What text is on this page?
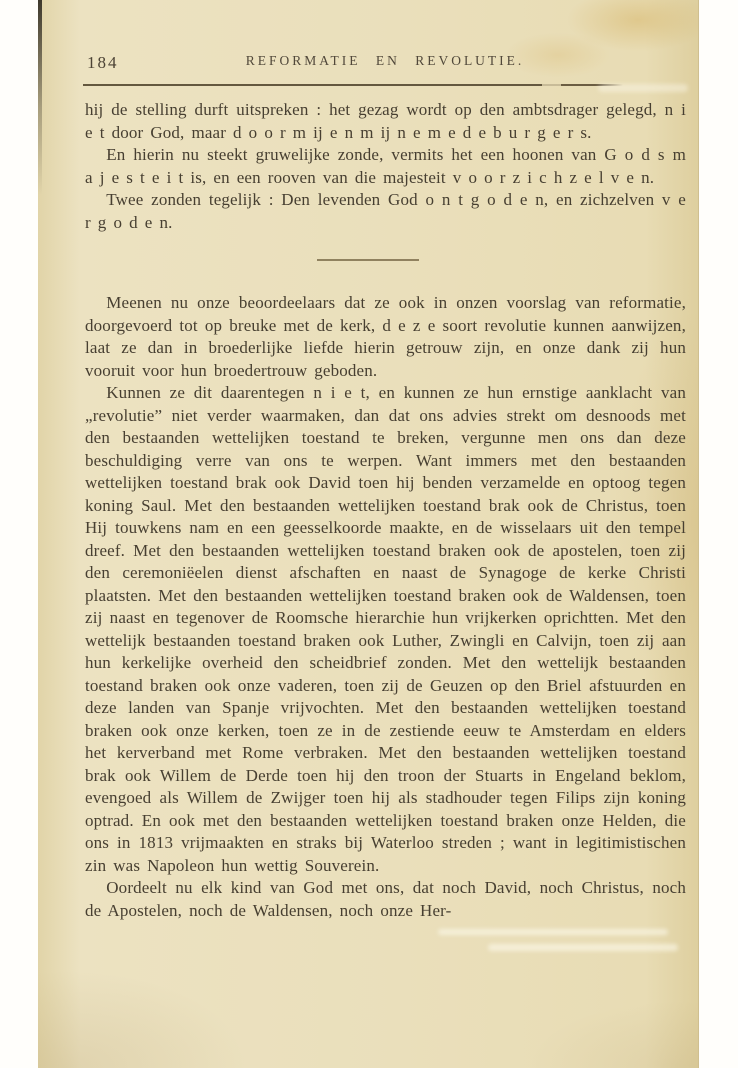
184	REFORMATIE EN REVOLUTIE.

hij de stelling durft uitspreken : het gezag wordt op den ambtsdrager gelegd, n i e t door God, maar d o o r m ij e n m ij n e m e d e b u r g e r s.

En hierin nu steekt gruwelijke zonde, vermits het een hoonen van G o d s m a j e s t e i t is, en een rooven van die majesteit v o o r z i c h z e l v e n.

Twee zonden tegelijk : Den levenden God o n t g o d e n, en zichzelven v e r g o d e n.

Meenen nu onze beoordeelaars dat ze ook in onzen voorslag van reformatie, doorgevoerd tot op breuke met de kerk, d e z e soort revolutie kunnen aanwijzen, laat ze dan in broederlijke liefde hierin getrouw zijn, en onze dank zij hun vooruit voor hun broedertrouw geboden.

Kunnen ze dit daarentegen n i e t, en kunnen ze hun ernstige aanklacht van „revolutie” niet verder waarmaken, dan dat ons advies strekt om desnoods met den bestaanden wettelijken toestand te breken, vergunne men ons dan deze beschuldiging verre van ons te werpen. Want immers met den bestaanden wettelijken toestand brak ook David toen hij benden verzamelde en optoog tegen koning Saul. Met den bestaanden wettelijken toestand brak ook de Christus, toen Hij touwkens nam en een geesselkoorde maakte, en de wisselaars uit den tempel dreef. Met den bestaanden wettelijken toestand braken ook de apostelen, toen zij den ceremoniëelen dienst afschaften en naast de Synagoge de kerke Christi plaatsten. Met den bestaanden wettelijken toestand braken ook de Waldensen, toen zij naast en tegenover de Roomsche hierarchie hun vrijkerken oprichtten. Met den wettelijk bestaanden toestand braken ook Luther, Zwingli en Calvijn, toen zij aan hun kerkelijke overheid den scheidbrief zonden. Met den wettelijk bestaanden toestand braken ook onze vaderen, toen zij de Geuzen op den Briel afstuurden en deze landen van Spanje vrijvochten. Met den bestaanden wettelijken toestand braken ook onze kerken, toen ze in de zestiende eeuw te Amsterdam en elders het kerverband met Rome verbraken. Met den bestaanden wettelijken toestand brak ook Willem de Derde toen hij den troon der Stuarts in Engeland beklom, evengoed als Willem de Zwijger toen hij als stadhouder tegen Filips zijn koning optrad. En ook met den bestaanden wettelijken toestand braken onze Helden, die ons in 1813 vrijmaakten en straks bij Waterloo streden ; want in legitimistischen zin was Napoleon hun wettig Souverein.

Oordeelt nu elk kind van God met ons, dat noch David, noch Christus, noch de Apostelen, noch de Waldensen, noch onze Her-
